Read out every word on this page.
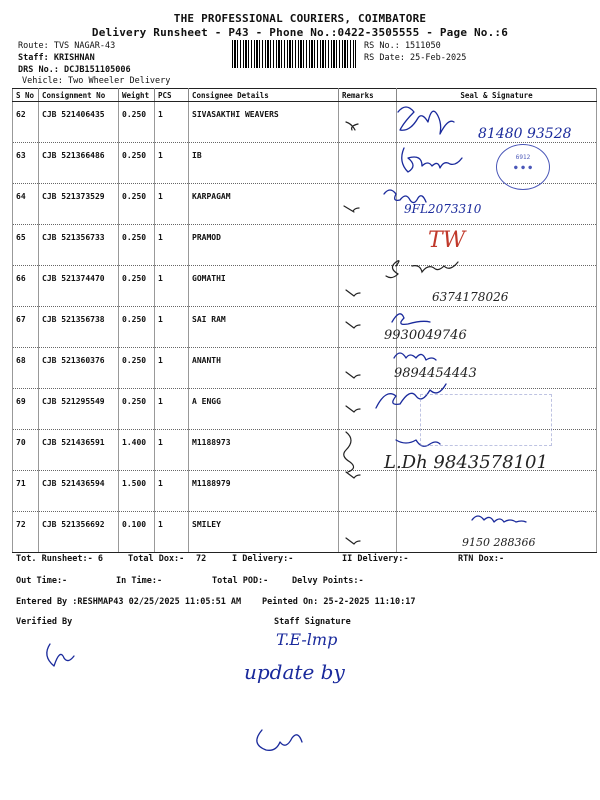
THE PROFESSIONAL COURIERS, COIMBATORE
Delivery Runsheet - P43 - Phone No.:0422-3505555 - Page No.:6
Route: TVS NAGAR-43
Staff: KRISHNAN
DRS No.: DCJB151105006
Vehicle: Two Wheeler Delivery
RS No.: 1511050
RS Date: 25-Feb-2025
S No	Consignment No	Weight	PCS	Consignee Details	Remarks	Seal & Signature
62	CJB 521406435	0.250	1	SIVASAKTHI WEAVERS		
63	CJB 521366486	0.250	1	IB		
64	CJB 521373529	0.250	1	KARPAGAM		
65	CJB 521356733	0.250	1	PRAMOD		
66	CJB 521374470	0.250	1	GOMATHI		
67	CJB 521356738	0.250	1	SAI RAM		
68	CJB 521360376	0.250	1	ANANTH		
69	CJB 521295549	0.250	1	A ENGG		
70	CJB 521436591	1.400	1	M1188973		
71	CJB 521436594	1.500	1	M1188979		
72	CJB 521356692	0.100	1	SMILEY		
81480 93528
9FL2073310
TW
6374178026
9930049746
9894454443
L.Dh 9843578101
9150 288366
6912
● ● ●
Tot. Runsheet:- 6	Total Dox:- 72	I Delivery:-	II Delivery:-	RTN Dox:-
Out Time:-	In Time:-	Total POD:-	Delvy Points:-
Entered By :RESHMAP43 02/25/2025 11:05:51 AM Peinted On: 25-2-2025 11:10:17
Verified By	Staff Signature
T.E-lmp
update by
